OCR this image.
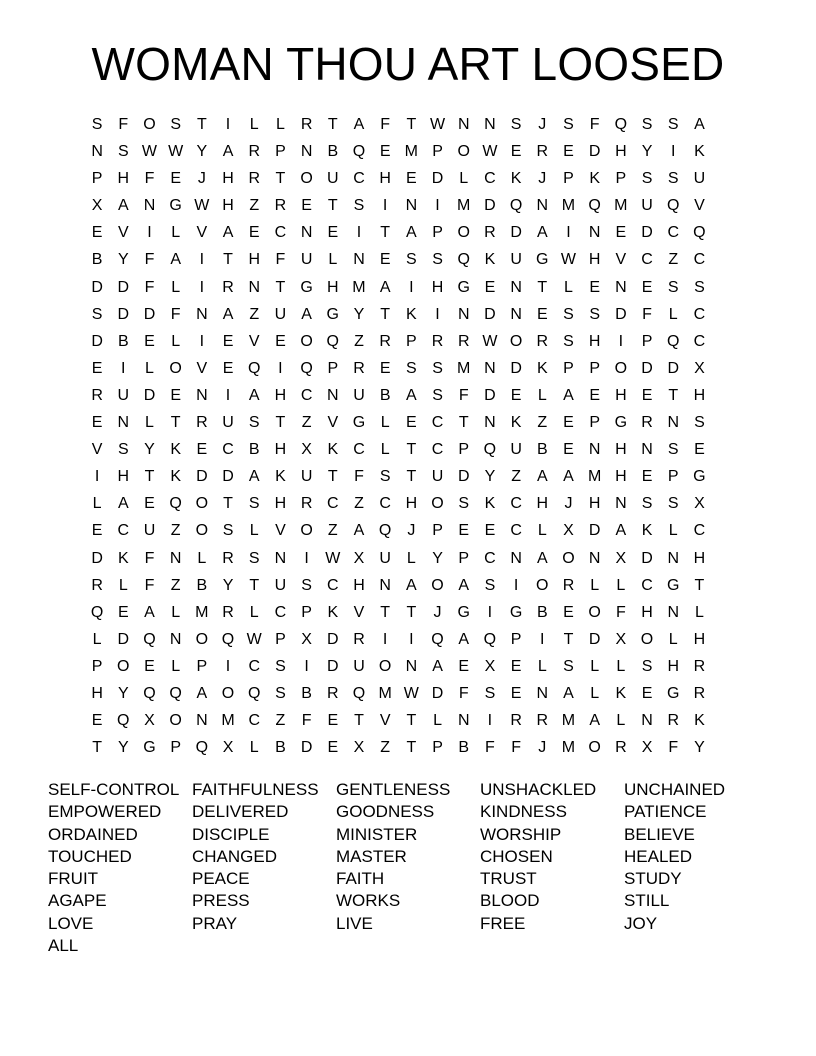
WOMAN THOU ART LOOSED
S F O S T	I	L	L R T A F	T W N N S	J	S F Q S S A
N S W W Y A R P N B Q E M P O W E R E D H Y	I	K
P H F E	J	H R T O U C H E D L C K	J	P K P S S U
X A N G W H Z R E T S	I	N	I	M D Q N M Q M U Q V
E V	I	L	V A E C N E	I	T A P O R D A	I	N E D C Q
B Y F A	I	T H F U L N E S S Q K U G W H V C Z C
D D F	L	I	R N T G H M A	I	H G E N T	L	E N E S S
S D D F N A Z U A G Y T K	I	N D N E S S D F	L C
D B E	L	I	E V E O Q Z R P R R W O R S H	I	P Q C
E	I	L O V E Q	I	Q P R E S S M N D K P P O D D X
R U D E N	I	A H C N U B A S F D E	L	A E H E T H
E N L	T R U S T	Z V G L	E C T N K Z E P G R N S
V S Y K E C B H X K C L	T C P Q U B E N H N S E
I	H T K D D A K U T	F S T U D Y Z A A M H E P G
L	A E Q O T S H R C Z C H O S K C H	J	H N S S X
E C U Z O S	L	V O Z A Q J	P E E C L	X D A K	L C
D K F N L R S N	I	W X U L	Y P C N A O N X D N H
R L	F	Z B Y T U S C H N A O A S	I	O R L	L C G T
Q E A	L M R L C P K V T	T	J G	I	G B E O F H N L
L D Q N O Q W P X D R	I	I	Q A Q P	I	T D X O L H
P O E	L	P	I	C S	I	D U O N A E X E	L	S	L	L	S H R
H Y Q Q A O Q S B R Q M W D F S E N A	L	K E G R
E Q X O N M C Z	F E T V T	L N	I	R R M A	L N R K
T Y G P Q X	L	B D E X Z	T P B F	F	J M O R X F Y
SELF-CONTROL
EMPOWERED
ORDAINED
TOUCHED
FRUIT
AGAPE
LOVE
ALL
FAITHFULNESS
DELIVERED
DISCIPLE
CHANGED
PEACE
PRESS
PRAY
GENTLENESS
GOODNESS
MINISTER
MASTER
FAITH
WORKS
LIVE
UNSHACKLED
KINDNESS
WORSHIP
CHOSEN
TRUST
BLOOD
FREE
UNCHAINED
PATIENCE
BELIEVE
HEALED
STUDY
STILL
JOY
